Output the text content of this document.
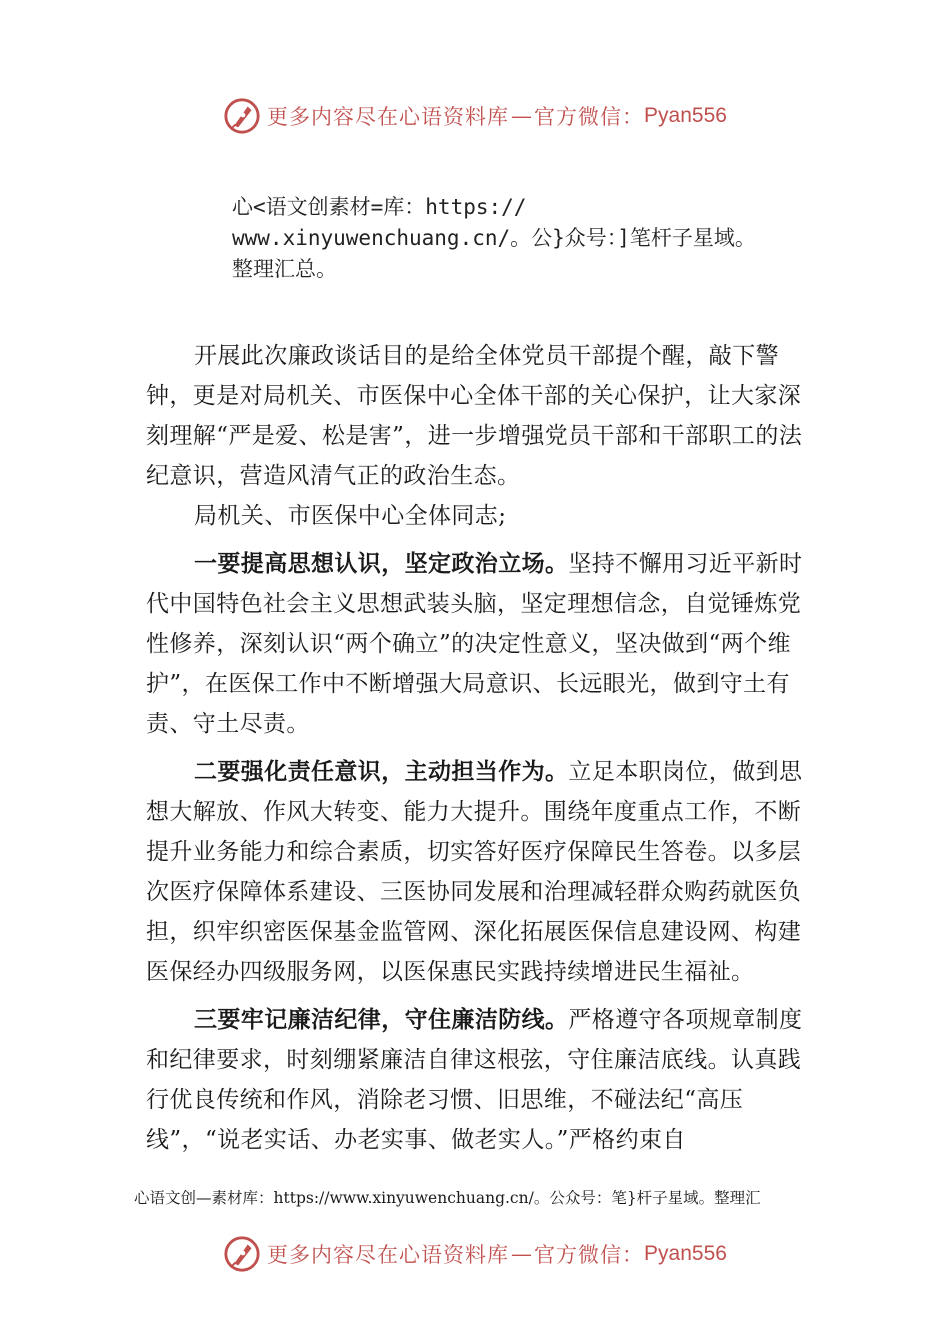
更多内容尽在心语资料库 — 官方微信： Pyan556
心<语文创素材=库：https://
www.xinyuwenchuang.cn/。公}众号：]笔杆子星域。
整理汇总。

开展此次廉政谈话目的是给全体党员干部提个醒，敲下警钟，更是对局机关、市医保中心全体干部的关心保护，让大家深刻理解“严是爱、松是害”，进一步增强党员干部和干部职工的法纪意识，营造风清气正的政治生态。

局机关、市医保中心全体同志;

一要提高思想认识，坚定政治立场。坚持不懈用习近平新时代中国特色社会主义思想武装头脑，坚定理想信念，自觉锤炼党性修养，深刻认识“两个确立”的决定性意义，坚决做到“两个维护”，在医保工作中不断增强大局意识、长远眼光，做到守土有责、守土尽责。

二要强化责任意识，主动担当作为。立足本职岗位，做到思想大解放、作风大转变、能力大提升。围绕年度重点工作，不断提升业务能力和综合素质，切实答好医疗保障民生答卷。以多层次医疗保障体系建设、三医协同发展和治理减轻群众购药就医负担，织牢织密医保基金监管网、深化拓展医保信息建设网、构建医保经办四级服务网，以医保惠民实践持续增进民生福祉。

三要牢记廉洁纪律，守住廉洁防线。严格遵守各项规章制度和纪律要求，时刻绷紧廉洁自律这根弦，守住廉洁底线。认真践行优良传统和作风，消除老习惯、旧思维，不碰法纪“高压线”，“说老实话、办老实事、做老实人。”严格约束自

心语文创—素材库：https://www.xinyuwenchuang.cn/。公众号：笔}杆子星域。整理汇
更多内容尽在心语资料库 — 官方微信： Pyan556
